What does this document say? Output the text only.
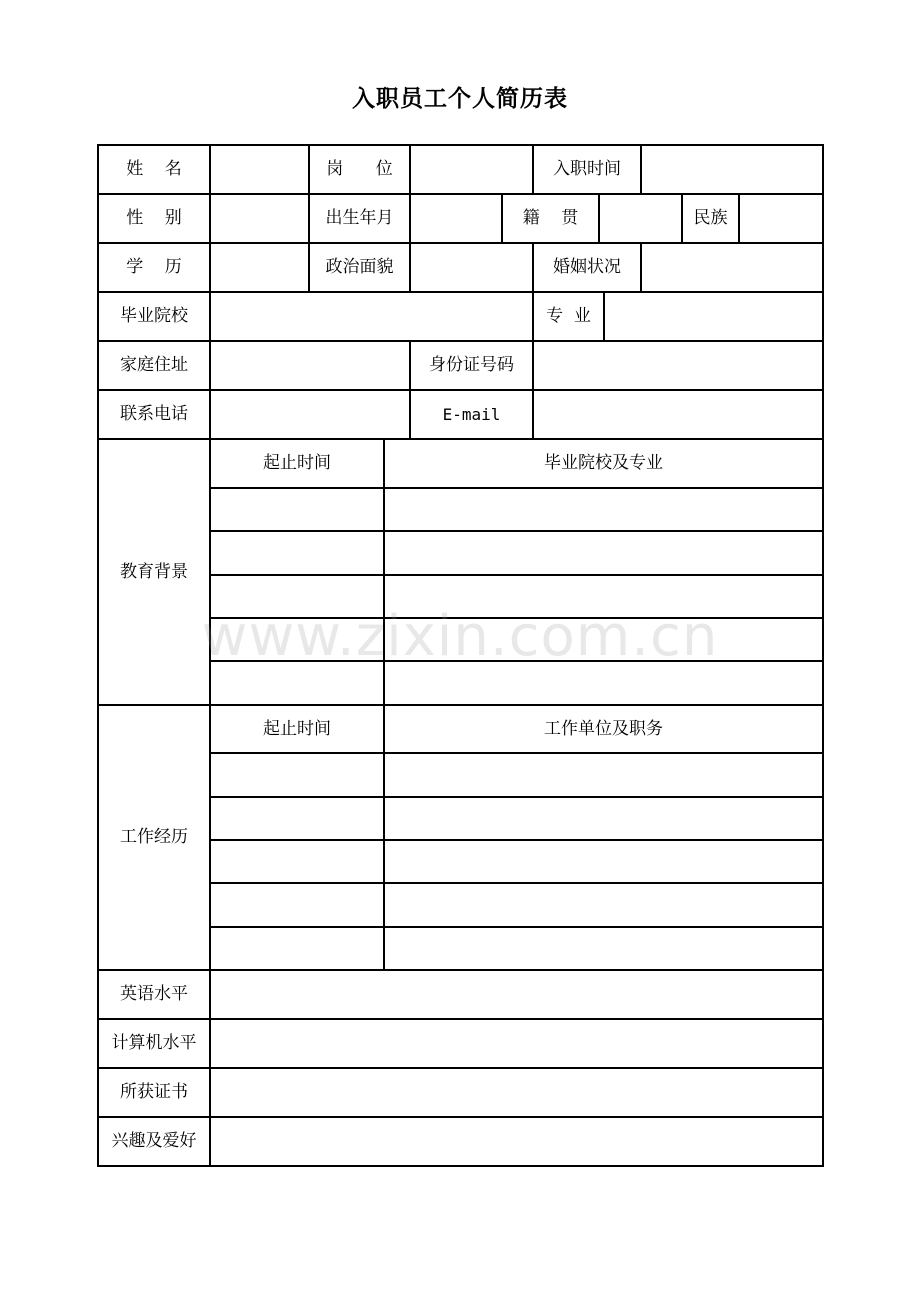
入职员工个人简历表
姓    名	岗      位	入职时间
性    别	出生年月	籍    贯	民族
学    历	政治面貌	婚姻状况
毕业院校	专  业
家庭住址	身份证号码
联系电话	E-mail
教育背景
起止时间	毕业院校及专业
工作经历
起止时间	工作单位及职务
英语水平
计算机水平
所获证书
兴趣及爱好
www.zixin.com.cn
